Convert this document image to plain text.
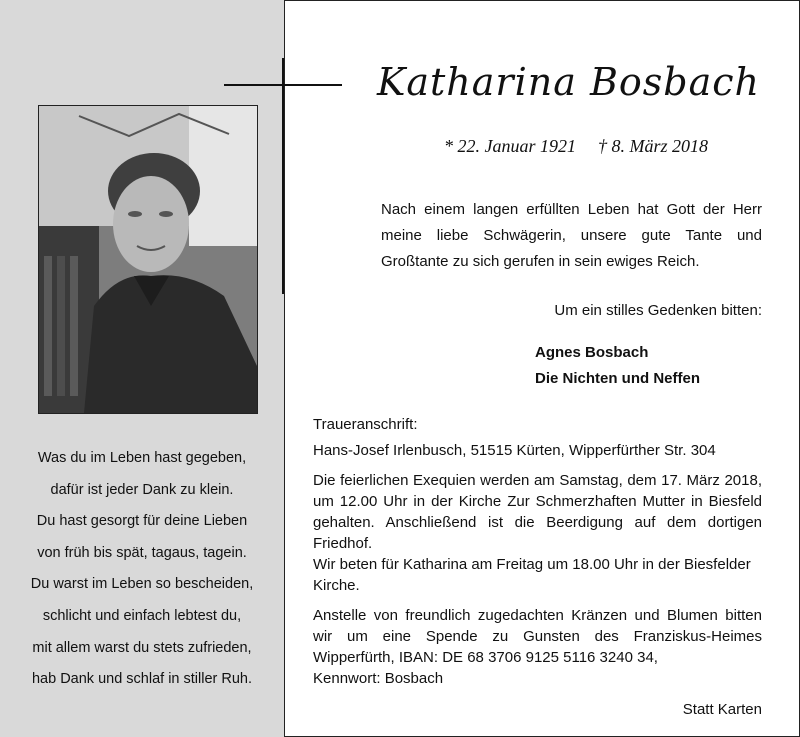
Was du im Leben hast gegeben,
dafür ist jeder Dank zu klein.
Du hast gesorgt für deine Lieben
von früh bis spät, tagaus, tagein.
Du warst im Leben so bescheiden,
schlicht und einfach lebtest du,
mit allem warst du stets zufrieden,
hab Dank und schlaf in stiller Ruh.
Katharina Bosbach
* 22. Januar 1921 † 8. März 2018
Nach einem langen erfüllten Leben hat Gott der Herr
meine liebe Schwägerin, unsere gute Tante und
Großtante zu sich gerufen in sein ewiges Reich.
Um ein stilles Gedenken bitten:
Agnes Bosbach
Die Nichten und Neffen
Traueranschrift:
Hans-Josef Irlenbusch, 51515 Kürten, Wipperfürther Str. 304
Die feierlichen Exequien werden am Samstag, dem 17. März 2018,
um 12.00 Uhr in der Kirche Zur Schmerzhaften Mutter in Biesfeld
gehalten. Anschließend ist die Beerdigung auf dem dortigen
Friedhof.
Wir beten für Katharina am Freitag um 18.00 Uhr in der Biesfelder
Kirche.
Anstelle von freundlich zugedachten Kränzen und Blumen bitten
wir um eine Spende zu Gunsten des Franziskus-Heimes
Wipperfürth, IBAN: DE 68 3706 9125 5116 3240 34,
Kennwort: Bosbach
Statt Karten
